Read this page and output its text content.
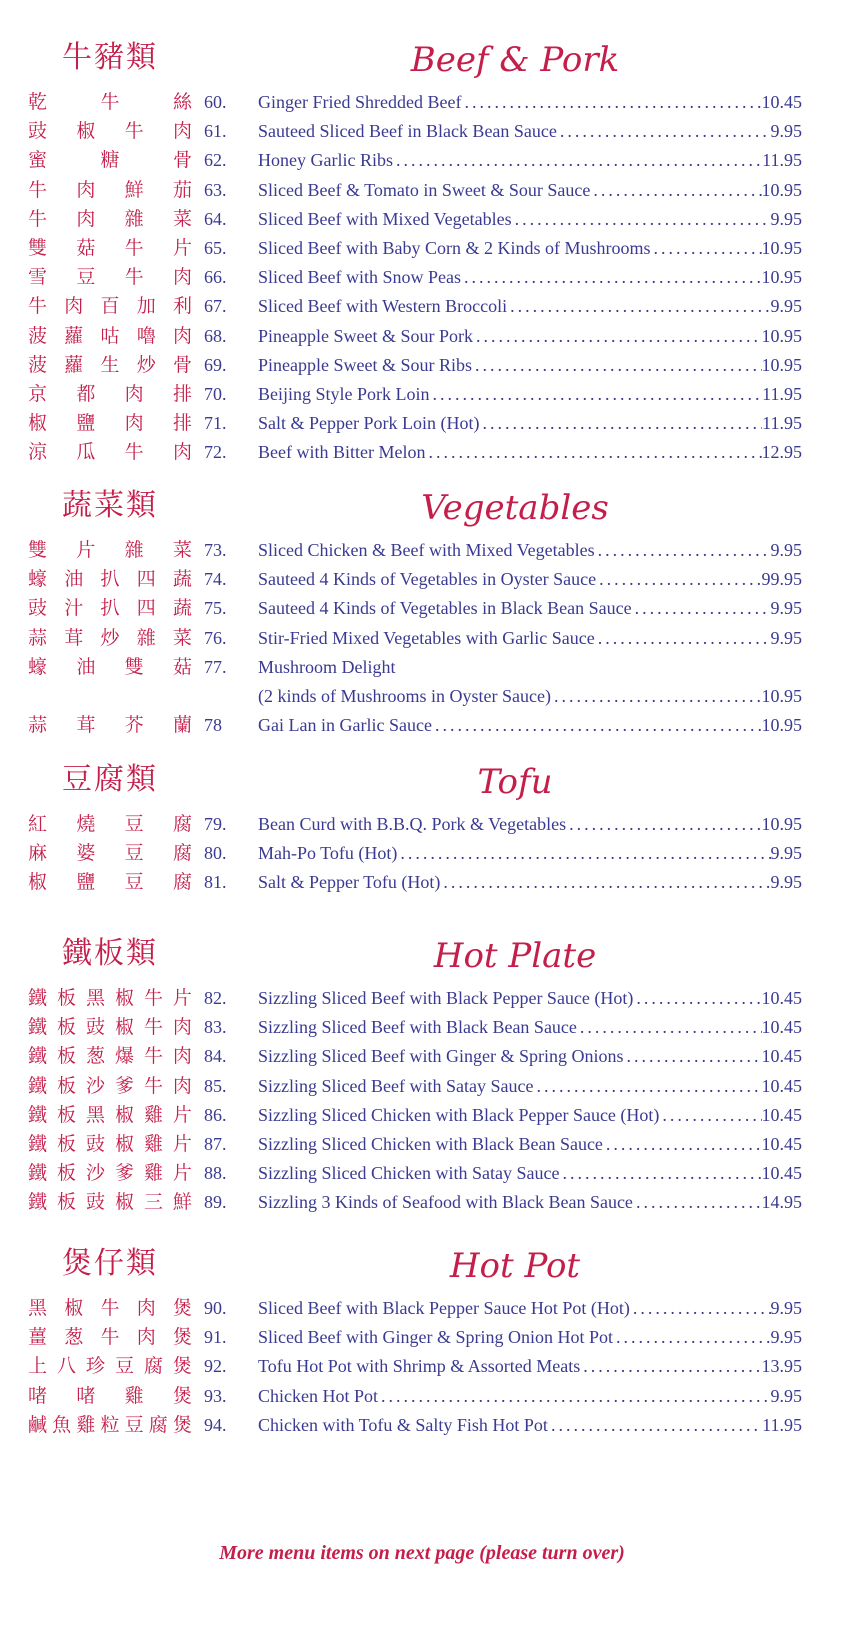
牛豬類	Beef & Pork
乾	牛	絲 60. Ginger Fried Shredded Beef .....	10.45
豉 椒 牛 肉 61. Sauteed Sliced Beef in Black Bean Sauce .....	9.95
蜜	糖	骨 62. Honey Garlic Ribs .....	11.95
牛 肉 鮮 茄 63. Sliced Beef & Tomato in Sweet & Sour Sauce .....	10.95
牛 肉 雜 菜 64. Sliced Beef with Mixed Vegetables .....	9.95
雙 菇 牛 片 65. Sliced Beef with Baby Corn & 2 Kinds of Mushrooms .....	10.95
雪 豆 牛 肉 66. Sliced Beef with Snow Peas .....	10.95
牛 肉 百 加 利 67. Sliced Beef with Western Broccoli .....	9.95
菠 蘿 咕 嚕 肉 68. Pineapple Sweet & Sour Pork .....	10.95
菠 蘿 生 炒 骨 69. Pineapple Sweet & Sour Ribs .....	10.95
京 都 肉 排 70. Beijing Style Pork Loin .....	11.95
椒 鹽 肉 排 71. Salt & Pepper Pork Loin (Hot) .....	11.95
涼 瓜 牛 肉 72. Beef with Bitter Melon .....	12.95
蔬菜類	Vegetables
雙 片 雜 菜 73. Sliced Chicken & Beef with Mixed Vegetables .....	9.95
蠔 油 扒 四 蔬 74. Sauteed 4 Kinds of Vegetables in Oyster Sauce .....	99.95
豉 汁 扒 四 蔬 75. Sauteed 4 Kinds of Vegetables in Black Bean Sauce .....	9.95
蒜 茸 炒 雜 菜 76. Stir-Fried Mixed Vegetables with Garlic Sauce .....	9.95
蠔 油 雙 菇 77. Mushroom Delight
(2 kinds of Mushrooms in Oyster Sauce) .....	10.95
蒜 茸 芥 蘭 78 Gai Lan in Garlic Sauce .....	10.95
豆腐類	Tofu
紅 燒 豆 腐 79. Bean Curd with B.B.Q. Pork & Vegetables .....	10.95
麻 婆 豆 腐 80. Mah-Po Tofu (Hot) .....	9.95
椒 鹽 豆 腐 81. Salt & Pepper Tofu (Hot) .....	9.95
鐵板類	Hot Plate
鐵 板 黑 椒 牛 片 82. Sizzling Sliced Beef with Black Pepper Sauce (Hot) .....	10.45
鐵 板 豉 椒 牛 肉 83. Sizzling Sliced Beef with Black Bean Sauce .....	10.45
鐵 板 葱 爆 牛 肉 84. Sizzling Sliced Beef with Ginger & Spring Onions .....	10.45
鐵 板 沙 爹 牛 肉 85. Sizzling Sliced Beef with Satay Sauce .....	10.45
鐵 板 黑 椒 雞 片 86. Sizzling Sliced Chicken with Black Pepper Sauce (Hot) .....	10.45
鐵 板 豉 椒 雞 片 87. Sizzling Sliced Chicken with Black Bean Sauce .....	10.45
鐵 板 沙 爹 雞 片 88. Sizzling Sliced Chicken with Satay Sauce .....	10.45
鐵 板 豉 椒 三 鮮 89. Sizzling 3 Kinds of Seafood with Black Bean Sauce .....	14.95
煲仔類	Hot Pot
黑 椒 牛 肉 煲 90. Sliced Beef with Black Pepper Sauce Hot Pot (Hot) .....	9.95
薑 葱 牛 肉 煲 91. Sliced Beef with Ginger & Spring Onion Hot Pot .....	9.95
上 八 珍 豆 腐 煲 92. Tofu Hot Pot with Shrimp & Assorted Meats .....	13.95
啫 啫 雞 煲 93. Chicken Hot Pot .....	9.95
鹹 魚 雞 粒 豆 腐 煲 94. Chicken with Tofu & Salty Fish Hot Pot .....	11.95
More menu items on next page (please turn over)
